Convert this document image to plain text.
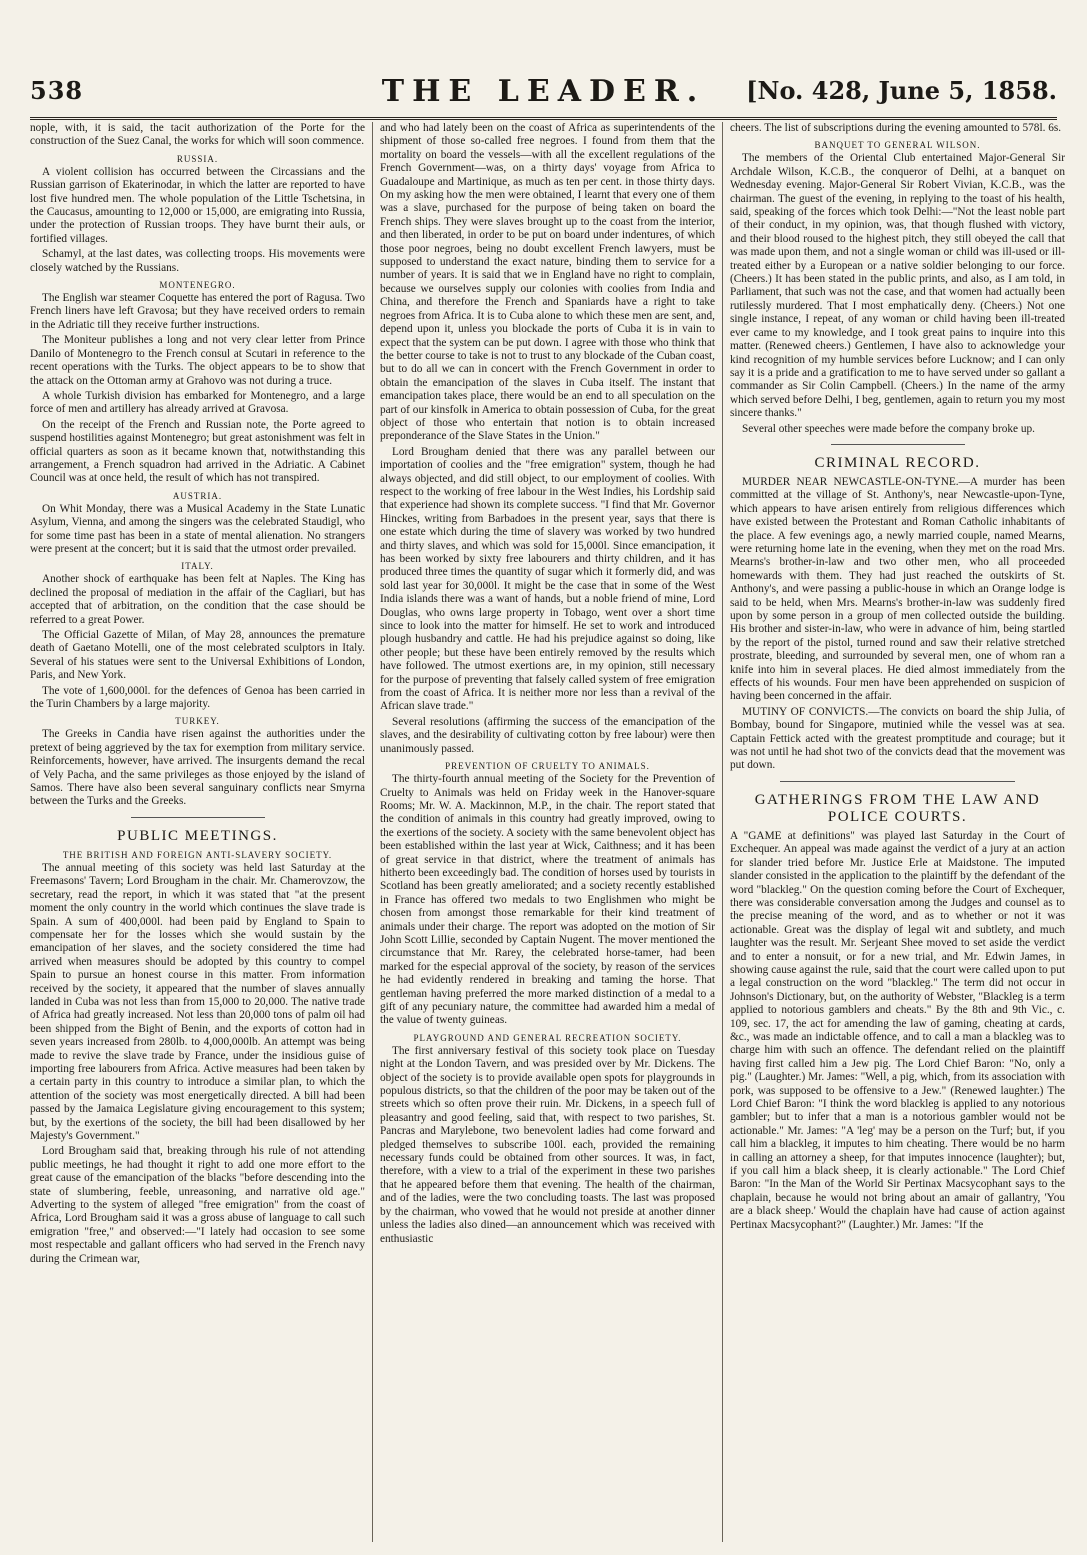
538	THE LEADER.	[No. 428, June 5, 1858.

nople, with, it is said, the tacit authorization of the Porte for the construction of the Suez Canal, the works for which will soon commence.

RUSSIA.

A violent collision has occurred between the Circassians and the Russian garrison of Ekaterinodar, in which the latter are reported to have lost five hundred men. The whole population of the Little Tschetsina, in the Caucasus, amounting to 12,000 or 15,000, are emigrating into Russia, under the protection of Russian troops. They have burnt their auls, or fortified villages.

Schamyl, at the last dates, was collecting troops. His movements were closely watched by the Russians.

MONTENEGRO.

The English war steamer Coquette has entered the port of Ragusa. Two French liners have left Gravosa; but they have received orders to remain in the Adriatic till they receive further instructions.

The Moniteur publishes a long and not very clear letter from Prince Danilo of Montenegro to the French consul at Scutari in reference to the recent operations with the Turks. The object appears to be to show that the attack on the Ottoman army at Grahovo was not during a truce.

A whole Turkish division has embarked for Montenegro, and a large force of men and artillery has already arrived at Gravosa.

On the receipt of the French and Russian note, the Porte agreed to suspend hostilities against Montenegro; but great astonishment was felt in official quarters as soon as it became known that, notwithstanding this arrangement, a French squadron had arrived in the Adriatic. A Cabinet Council was at once held, the result of which has not transpired.

AUSTRIA.

On Whit Monday, there was a Musical Academy in the State Lunatic Asylum, Vienna, and among the singers was the celebrated Staudigl, who for some time past has been in a state of mental alienation. No strangers were present at the concert; but it is said that the utmost order prevailed.

ITALY.

Another shock of earthquake has been felt at Naples. The King has declined the proposal of mediation in the affair of the Cagliari, but has accepted that of arbitration, on the condition that the case should be referred to a great Power.

The Official Gazette of Milan, of May 28, announces the premature death of Gaetano Motelli, one of the most celebrated sculptors in Italy. Several of his statues were sent to the Universal Exhibitions of London, Paris, and New York.

The vote of 1,600,000l. for the defences of Genoa has been carried in the Turin Chambers by a large majority.

TURKEY.

The Greeks in Candia have risen against the authorities under the pretext of being aggrieved by the tax for exemption from military service. Reinforcements, however, have arrived. The insurgents demand the recal of Vely Pacha, and the same privileges as those enjoyed by the island of Samos. There have also been several sanguinary conflicts near Smyrna between the Turks and the Greeks.

PUBLIC MEETINGS.
THE BRITISH AND FOREIGN ANTI-SLAVERY SOCIETY.

The annual meeting of this society was held last Saturday at the Freemasons' Tavern; Lord Brougham in the chair. Mr. Chamerovzow, the secretary, read the report, in which it was stated that "at the present moment the only country in the world which continues the slave trade is Spain. A sum of 400,000l. had been paid by England to Spain to compensate her for the losses which she would sustain by the emancipation of her slaves, and the society considered the time had arrived when measures should be adopted by this country to compel Spain to pursue an honest course in this matter. From information received by the society, it appeared that the number of slaves annually landed in Cuba was not less than from 15,000 to 20,000. The native trade of Africa had greatly increased. Not less than 20,000 tons of palm oil had been shipped from the Bight of Benin, and the exports of cotton had in seven years increased from 280lb. to 4,000,000lb. An attempt was being made to revive the slave trade by France, under the insidious guise of importing free labourers from Africa. Active measures had been taken by a certain party in this country to introduce a similar plan, to which the attention of the society was most energetically directed. A bill had been passed by the Jamaica Legislature giving encouragement to this system; but, by the exertions of the society, the bill had been disallowed by her Majesty's Government."

Lord Brougham said that, breaking through his rule of not attending public meetings, he had thought it right to add one more effort to the great cause of the emancipation of the blacks "before descending into the state of slumbering, feeble, unreasoning, and narrative old age." Adverting to the system of alleged "free emigration" from the coast of Africa, Lord Brougham said it was a gross abuse of language to call such emigration "free," and observed:—"I lately had occasion to see some most respectable and gallant officers who had served in the French navy during the Crimean war,

and who had lately been on the coast of Africa as superintendents of the shipment of those so-called free negroes. I found from them that the mortality on board the vessels—with all the excellent regulations of the French Government—was, on a thirty days' voyage from Africa to Guadaloupe and Martinique, as much as ten per cent. in those thirty days. On my asking how the men were obtained, I learnt that every one of them was a slave, purchased for the purpose of being taken on board the French ships. They were slaves brought up to the coast from the interior, and then liberated, in order to be put on board under indentures, of which those poor negroes, being no doubt excellent French lawyers, must be supposed to understand the exact nature, binding them to service for a number of years. It is said that we in England have no right to complain, because we ourselves supply our colonies with coolies from India and China, and therefore the French and Spaniards have a right to take negroes from Africa. It is to Cuba alone to which these men are sent, and, depend upon it, unless you blockade the ports of Cuba it is in vain to expect that the system can be put down. I agree with those who think that the better course to take is not to trust to any blockade of the Cuban coast, but to do all we can in concert with the French Government in order to obtain the emancipation of the slaves in Cuba itself. The instant that emancipation takes place, there would be an end to all speculation on the part of our kinsfolk in America to obtain possession of Cuba, for the great object of those who entertain that notion is to obtain increased preponderance of the Slave States in the Union."

Lord Brougham denied that there was any parallel between our importation of coolies and the "free emigration" system, though he had always objected, and did still object, to our employment of coolies. With respect to the working of free labour in the West Indies, his Lordship said that experience had shown its complete success. "I find that Mr. Governor Hinckes, writing from Barbadoes in the present year, says that there is one estate which during the time of slavery was worked by two hundred and thirty slaves, and which was sold for 15,000l. Since emancipation, it has been worked by sixty free labourers and thirty children, and it has produced three times the quantity of sugar which it formerly did, and was sold last year for 30,000l. It might be the case that in some of the West India islands there was a want of hands, but a noble friend of mine, Lord Douglas, who owns large property in Tobago, went over a short time since to look into the matter for himself. He set to work and introduced plough husbandry and cattle. He had his prejudice against so doing, like other people; but these have been entirely removed by the results which have followed. The utmost exertions are, in my opinion, still necessary for the purpose of preventing that falsely called system of free emigration from the coast of Africa. It is neither more nor less than a revival of the African slave trade."

Several resolutions (affirming the success of the emancipation of the slaves, and the desirability of cultivating cotton by free labour) were then unanimously passed.

PREVENTION OF CRUELTY TO ANIMALS.

The thirty-fourth annual meeting of the Society for the Prevention of Cruelty to Animals was held on Friday week in the Hanover-square Rooms; Mr. W. A. Mackinnon, M.P., in the chair. The report stated that the condition of animals in this country had greatly improved, owing to the exertions of the society. A society with the same benevolent object has been established within the last year at Wick, Caithness; and it has been of great service in that district, where the treatment of animals has hitherto been exceedingly bad. The condition of horses used by tourists in Scotland has been greatly ameliorated; and a society recently established in France has offered two medals to two Englishmen who might be chosen from amongst those remarkable for their kind treatment of animals under their charge. The report was adopted on the motion of Sir John Scott Lillie, seconded by Captain Nugent. The mover mentioned the circumstance that Mr. Rarey, the celebrated horse-tamer, had been marked for the especial approval of the society, by reason of the services he had evidently rendered in breaking and taming the horse. That gentleman having preferred the more marked distinction of a medal to a gift of any pecuniary nature, the committee had awarded him a medal of the value of twenty guineas.

PLAYGROUND AND GENERAL RECREATION SOCIETY.

The first anniversary festival of this society took place on Tuesday night at the London Tavern, and was presided over by Mr. Dickens. The object of the society is to provide available open spots for playgrounds in populous districts, so that the children of the poor may be taken out of the streets which so often prove their ruin. Mr. Dickens, in a speech full of pleasantry and good feeling, said that, with respect to two parishes, St. Pancras and Marylebone, two benevolent ladies had come forward and pledged themselves to subscribe 100l. each, provided the remaining necessary funds could be obtained from other sources. It was, in fact, therefore, with a view to a trial of the experiment in these two parishes that he appeared before them that evening. The health of the chairman, and of the ladies, were the two concluding toasts. The last was proposed by the chairman, who vowed that he would not preside at another dinner unless the ladies also dined—an announcement which was received with enthusiastic

cheers. The list of subscriptions during the evening amounted to 578l. 6s.

BANQUET TO GENERAL WILSON.

The members of the Oriental Club entertained Major-General Sir Archdale Wilson, K.C.B., the conqueror of Delhi, at a banquet on Wednesday evening. Major-General Sir Robert Vivian, K.C.B., was the chairman. The guest of the evening, in replying to the toast of his health, said, speaking of the forces which took Delhi:—"Not the least noble part of their conduct, in my opinion, was, that though flushed with victory, and their blood roused to the highest pitch, they still obeyed the call that was made upon them, and not a single woman or child was ill-used or ill-treated either by a European or a native soldier belonging to our force. (Cheers.) It has been stated in the public prints, and also, as I am told, in Parliament, that such was not the case, and that women had actually been rutilessly murdered. That I most emphatically deny. (Cheers.) Not one single instance, I repeat, of any woman or child having been ill-treated ever came to my knowledge, and I took great pains to inquire into this matter. (Renewed cheers.) Gentlemen, I have also to acknowledge your kind recognition of my humble services before Lucknow; and I can only say it is a pride and a gratification to me to have served under so gallant a commander as Sir Colin Campbell. (Cheers.) In the name of the army which served before Delhi, I beg, gentlemen, again to return you my most sincere thanks."

Several other speeches were made before the company broke up.

CRIMINAL RECORD.

MURDER NEAR NEWCASTLE-ON-TYNE.—A murder has been committed at the village of St. Anthony's, near Newcastle-upon-Tyne, which appears to have arisen entirely from religious differences which have existed between the Protestant and Roman Catholic inhabitants of the place. A few evenings ago, a newly married couple, named Mearns, were returning home late in the evening, when they met on the road Mrs. Mearns's brother-in-law and two other men, who all proceeded homewards with them. They had just reached the outskirts of St. Anthony's, and were passing a public-house in which an Orange lodge is said to be held, when Mrs. Mearns's brother-in-law was suddenly fired upon by some person in a group of men collected outside the building. His brother and sister-in-law, who were in advance of him, being startled by the report of the pistol, turned round and saw their relative stretched prostrate, bleeding, and surrounded by several men, one of whom ran a knife into him in several places. He died almost immediately from the effects of his wounds. Four men have been apprehended on suspicion of having been concerned in the affair.

MUTINY OF CONVICTS.—The convicts on board the ship Julia, of Bombay, bound for Singapore, mutinied while the vessel was at sea. Captain Fettick acted with the greatest promptitude and courage; but it was not until he had shot two of the convicts dead that the movement was put down.

GATHERINGS FROM THE LAW AND
POLICE COURTS.

A "GAME at definitions" was played last Saturday in the Court of Exchequer. An appeal was made against the verdict of a jury at an action for slander tried before Mr. Justice Erle at Maidstone. The imputed slander consisted in the application to the plaintiff by the defendant of the word "blackleg." On the question coming before the Court of Exchequer, there was considerable conversation among the Judges and counsel as to the precise meaning of the word, and as to whether or not it was actionable. Great was the display of legal wit and subtlety, and much laughter was the result. Mr. Serjeant Shee moved to set aside the verdict and to enter a nonsuit, or for a new trial, and Mr. Edwin James, in showing cause against the rule, said that the court were called upon to put a legal construction on the word "blackleg." The term did not occur in Johnson's Dictionary, but, on the authority of Webster, "Blackleg is a term applied to notorious gamblers and cheats." By the 8th and 9th Vic., c. 109, sec. 17, the act for amending the law of gaming, cheating at cards, &c., was made an indictable offence, and to call a man a blackleg was to charge him with such an offence. The defendant relied on the plaintiff having first called him a Jew pig. The Lord Chief Baron: "No, only a pig." (Laughter.) Mr. James: "Well, a pig, which, from its association with pork, was supposed to be offensive to a Jew." (Renewed laughter.) The Lord Chief Baron: "I think the word blackleg is applied to any notorious gambler; but to infer that a man is a notorious gambler would not be actionable." Mr. James: "A 'leg' may be a person on the Turf; but, if you call him a blackleg, it imputes to him cheating. There would be no harm in calling an attorney a sheep, for that imputes innocence (laughter); but, if you call him a black sheep, it is clearly actionable." The Lord Chief Baron: "In the Man of the World Sir Pertinax Macsycophant says to the chaplain, because he would not bring about an amair of gallantry, 'You are a black sheep.' Would the chaplain have had cause of action against Pertinax Macsycophant?" (Laughter.) Mr. James: "If the
